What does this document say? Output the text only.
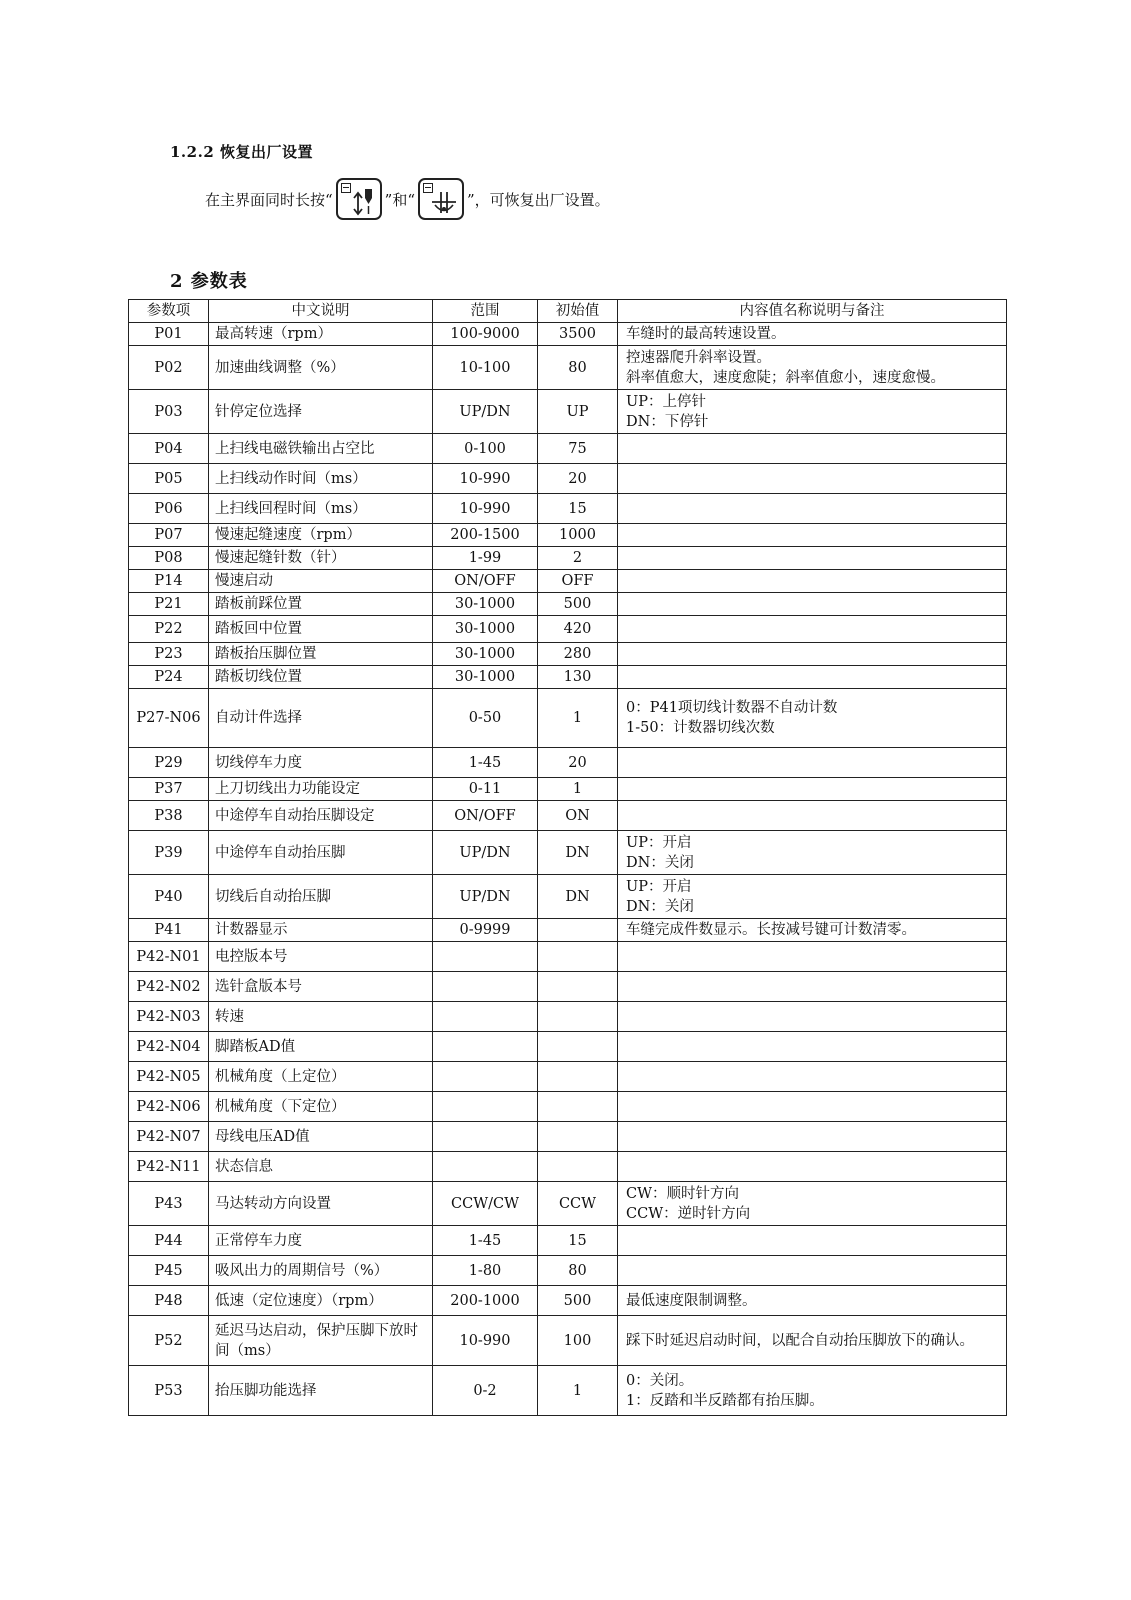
1.2.2 恢复出厂设置
在主界面同时长按“	”和“	”，可恢复出厂设置。
2 参数表
参数项	中文说明	范围	初始值	内容值名称说明与备注
P01	最高转速（rpm）	100-9000	3500	车缝时的最高转速设置。

P02	加速曲线调整（%）	10-100	80	控速器爬升斜率设置。
斜率值愈大，速度愈陡；斜率值愈小，速度愈慢。

P03	针停定位选择	UP/DN	UP	UP：上停针
DN：下停针

P04	上扫线电磁铁输出占空比	0-100	75	
P05	上扫线动作时间（ms）	10-990	20	
P06	上扫线回程时间（ms）	10-990	15	
P07	慢速起缝速度（rpm）	200-1500	1000	
P08	慢速起缝针数（针）	1-99	2	
P14	慢速启动	ON/OFF	OFF	
P21	踏板前踩位置	30-1000	500	
P22	踏板回中位置	30-1000	420	
P23	踏板抬压脚位置	30-1000	280	
P24	踏板切线位置	30-1000	130	
P27-N06	自动计件选择	0-50	1	0：P41项切线计数器不自动计数
1-50：计数器切线次数

P29	切线停车力度	1-45	20	
P37	上刀切线出力功能设定	0-11	1	
P38	中途停车自动抬压脚设定	ON/OFF	ON	
P39	中途停车自动抬压脚	UP/DN	DN	UP：开启
DN：关闭

P40	切线后自动抬压脚	UP/DN	DN	UP：开启
DN：关闭

P41	计数器显示	0-9999		车缝完成件数显示。长按减号键可计数清零。

P42-N01	电控版本号			
P42-N02	选针盒版本号			
P42-N03	转速			
P42-N04	脚踏板AD值			
P42-N05	机械角度（上定位）			
P42-N06	机械角度（下定位）			
P42-N07	母线电压AD值			
P42-N11	状态信息			
P43	马达转动方向设置	CCW/CW	CCW	CW：顺时针方向
CCW：逆时针方向

P44	正常停车力度	1-45	15	
P45	吸风出力的周期信号（%）	1-80	80	
P48	低速（定位速度）（rpm）	200-1000	500	最低速度限制调整。

P52	延迟马达启动，保护压脚下放时间（ms）	10-990	100	踩下时延迟启动时间，以配合自动抬压脚放下的确认。

P53	抬压脚功能选择	0-2	1	0：关闭。
1：反踏和半反踏都有抬压脚。
